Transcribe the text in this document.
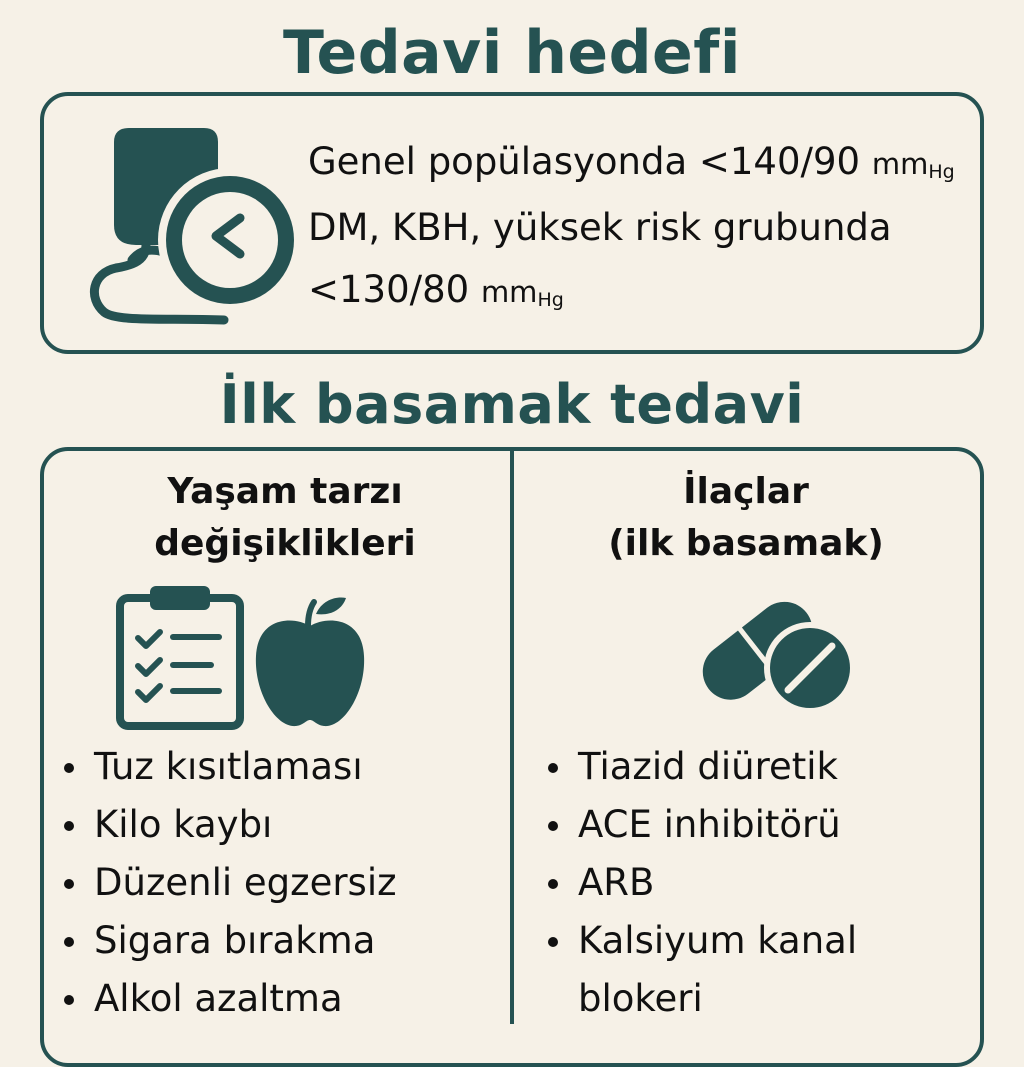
Tedavi hedefi
<
Genel popülasyonda <140/90 mmHg
DM, KBH, yüksek risk grubunda
<130/80 mmHg
İlk basamak tedavi
Yaşam tarzı
değişiklikleri
Tuz kısıtlaması
Kilo kaybı
Düzenli egzersiz
Sigara bırakma
Alkol azaltma
İlaçlar
(ilk basamak)
Tiazid diüretik
ACE inhibitörü
ARB
Kalsiyum kanal
blokeri
